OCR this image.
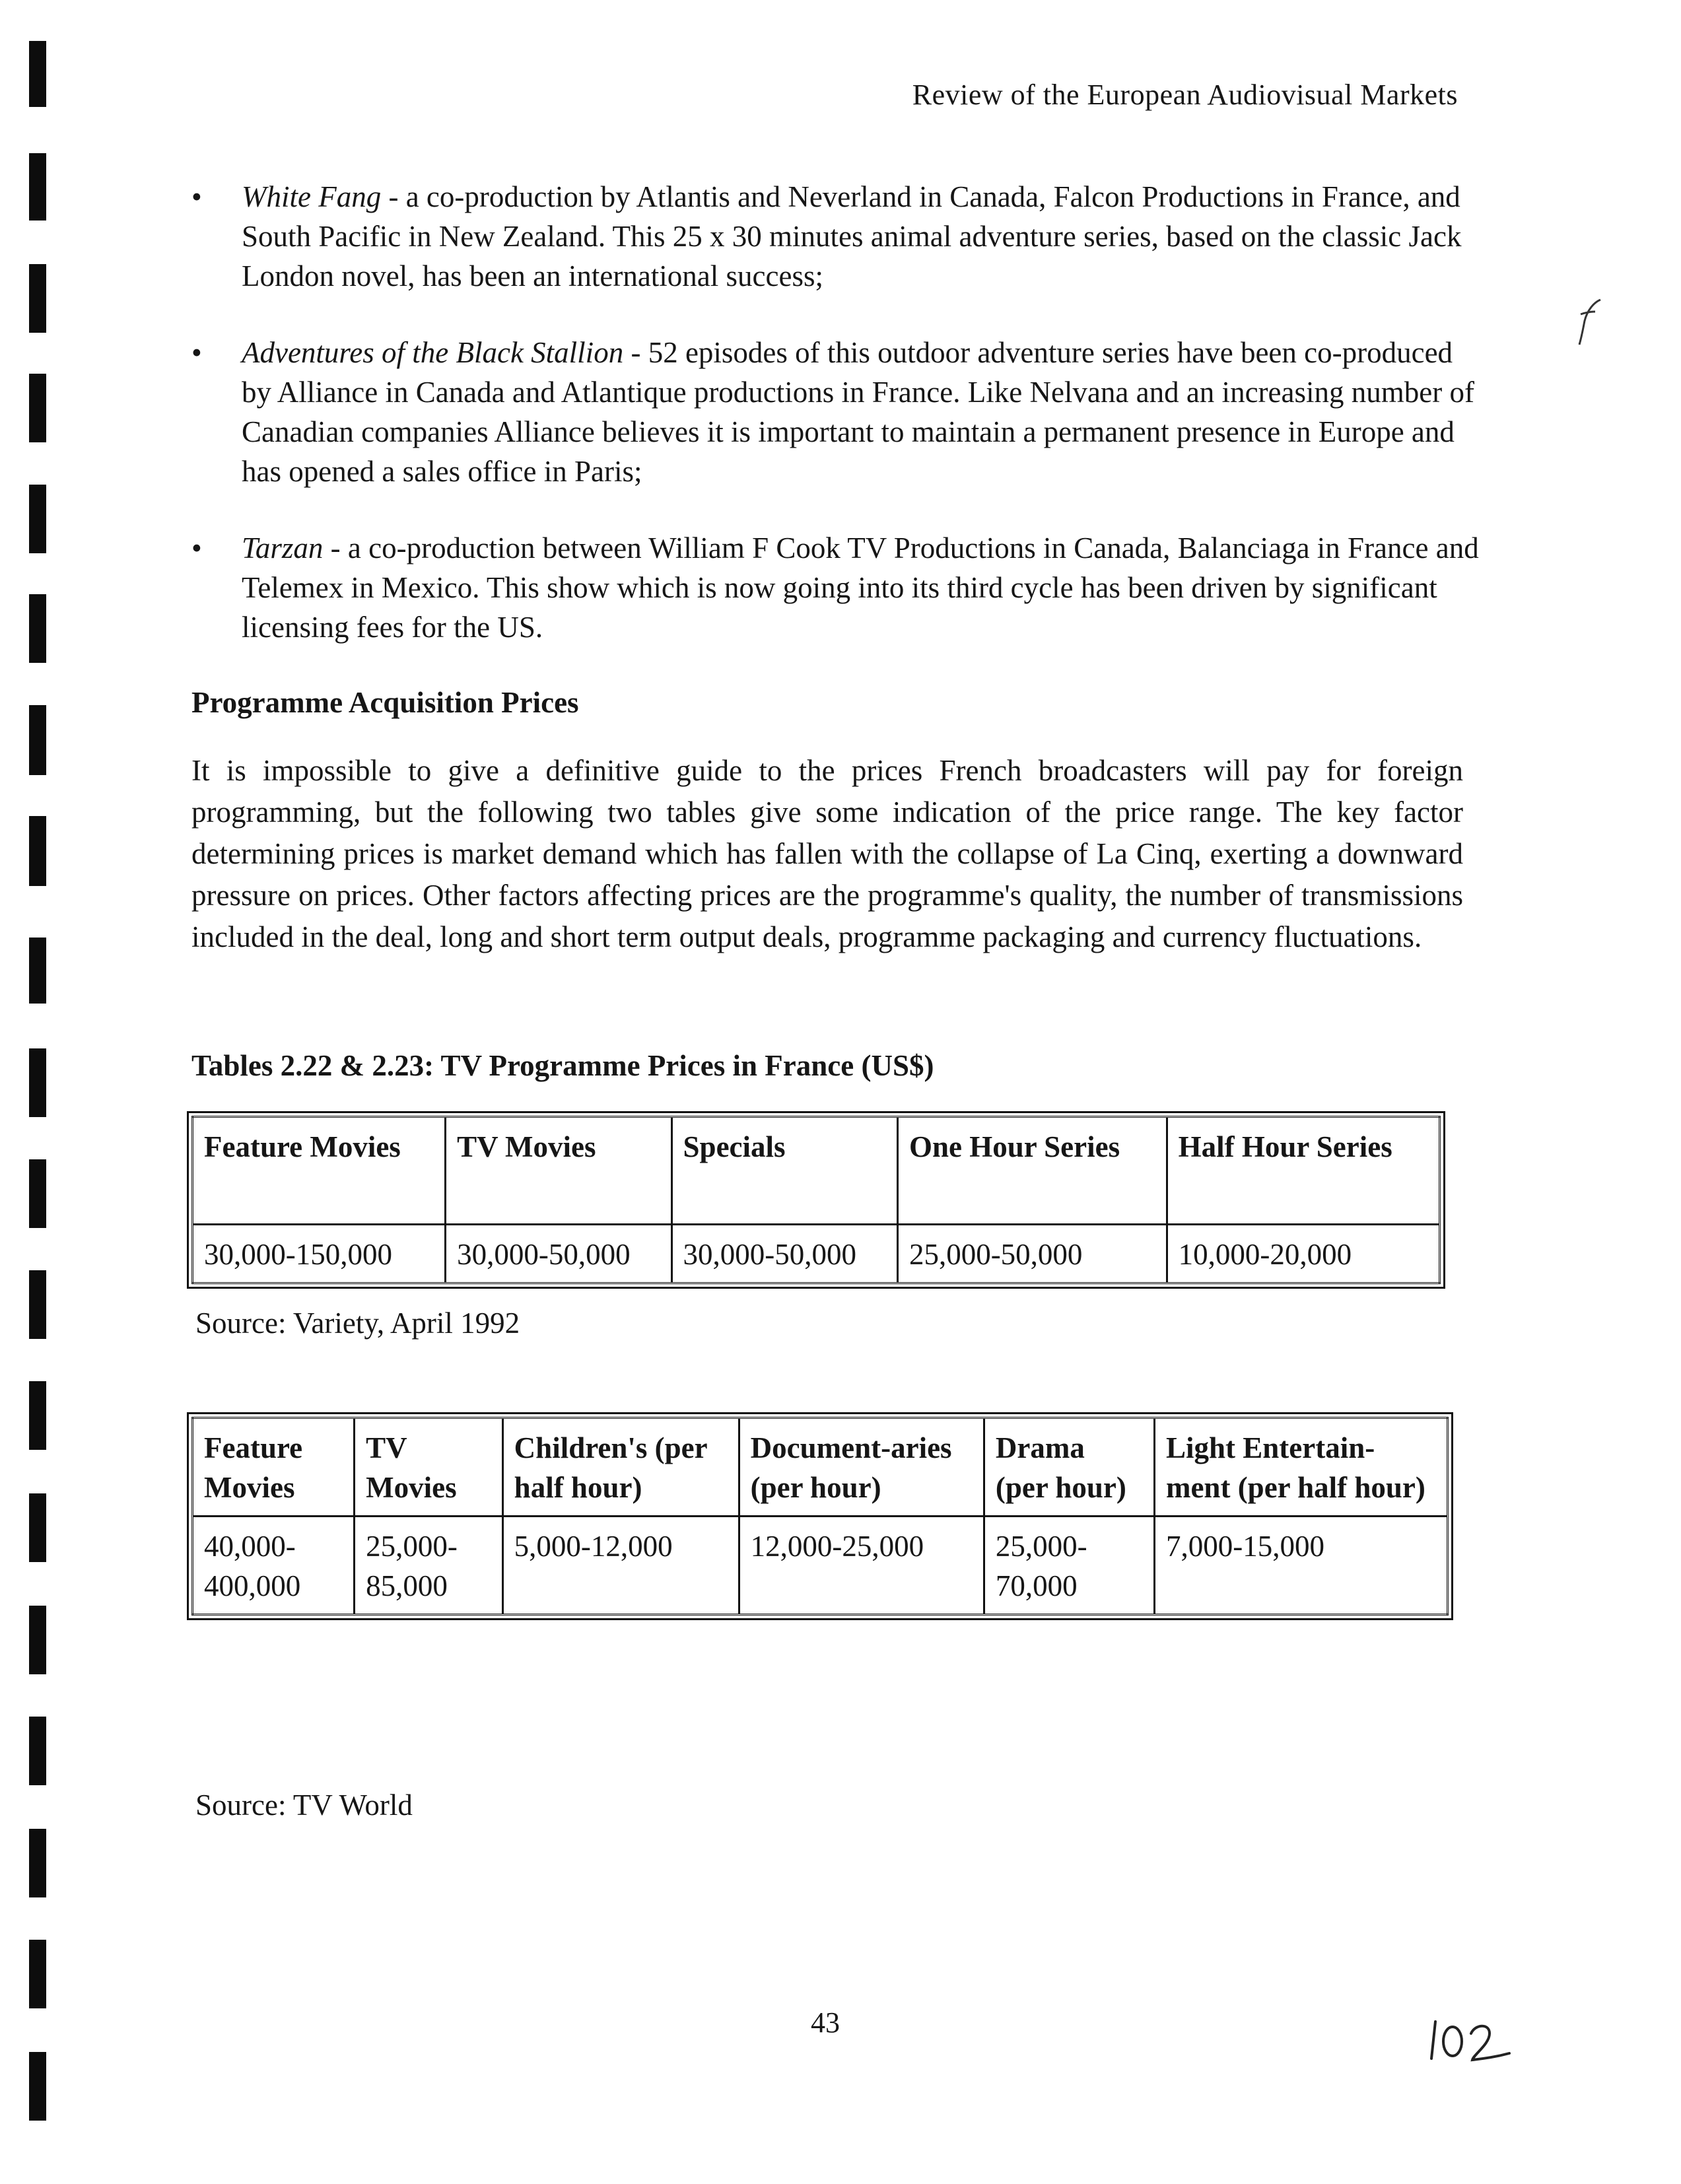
Review of the European Audiovisual Markets
• White Fang - a co-production by Atlantis and Neverland in Canada, Falcon Productions in France, and South Pacific in New Zealand. This 25 x 30 minutes animal adventure series, based on the classic Jack London novel, has been an international success;
• Adventures of the Black Stallion - 52 episodes of this outdoor adventure series have been co-produced by Alliance in Canada and Atlantique productions in France. Like Nelvana and an increasing number of Canadian companies Alliance believes it is important to maintain a permanent presence in Europe and has opened a sales office in Paris;
• Tarzan - a co-production between William F Cook TV Productions in Canada, Balanciaga in France and Telemex in Mexico. This show which is now going into its third cycle has been driven by significant licensing fees for the US.
Programme Acquisition Prices
It is impossible to give a definitive guide to the prices French broadcasters will pay for foreign programming, but the following two tables give some indication of the price range. The key factor determining prices is market demand which has fallen with the collapse of La Cinq, exerting a downward pressure on prices. Other factors affecting prices are the programme's quality, the number of transmissions included in the deal, long and short term output deals, programme packaging and currency fluctuations.
Tables 2.22 & 2.23: TV Programme Prices in France (US$)
Feature Movies	TV Movies	Specials	One Hour Series	Half Hour Series
30,000-150,000	30,000-50,000	30,000-50,000	25,000-50,000	10,000-20,000
Source: Variety, April 1992
Feature Movies	TV Movies	Children's (per half hour)	Document-aries (per hour)	Drama (per hour)	Light Entertain-ment (per half hour)
40,000-400,000	25,000-85,000	5,000-12,000	12,000-25,000	25,000-70,000	7,000-15,000
Source: TV World
43
